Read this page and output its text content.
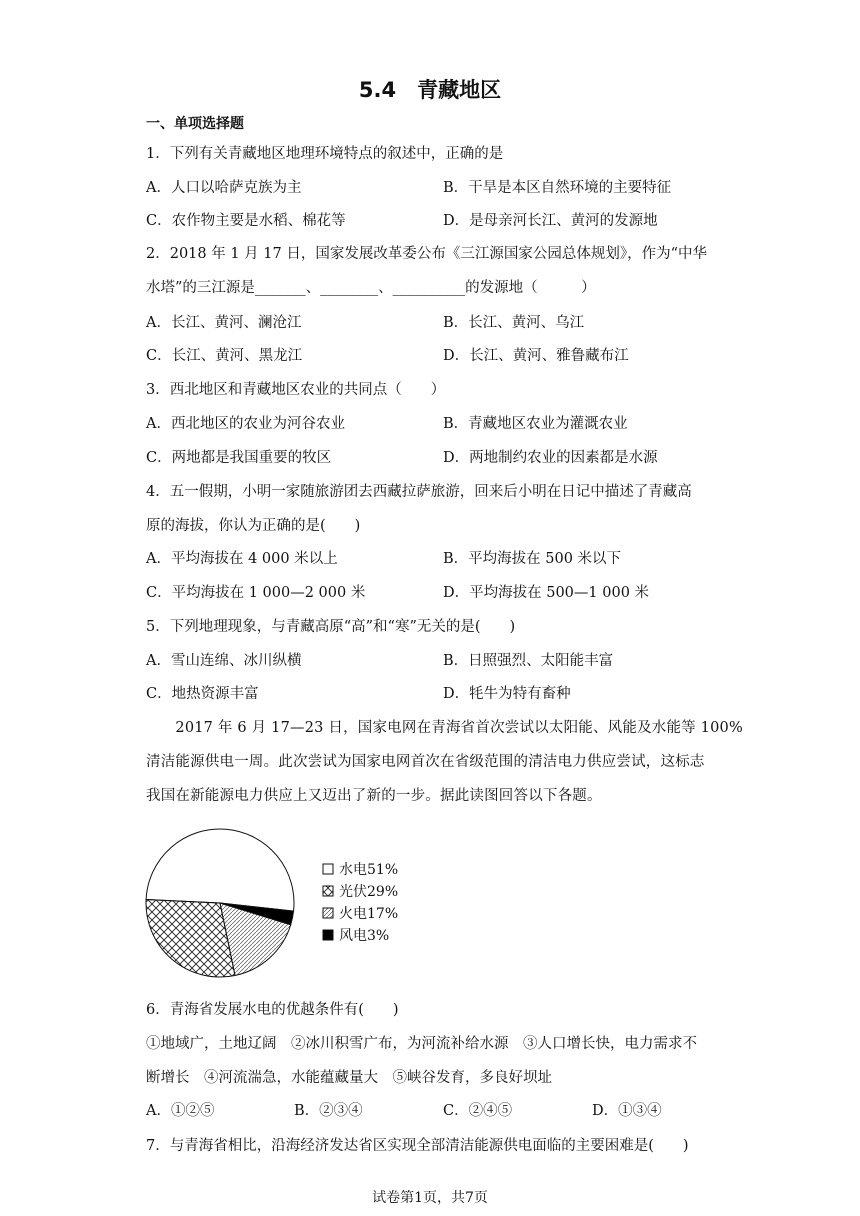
5.4　青藏地区
一、单项选择题
1．下列有关青藏地区地理环境特点的叙述中，正确的是
A．人口以哈萨克族为主	B．干旱是本区自然环境的主要特征
C．农作物主要是水稻、棉花等	D．是母亲河长江、黄河的发源地
2．2018 年 1 月 17 日，国家发展改革委公布《三江源国家公园总体规划》，作为“中华
水塔”的三江源是_______、________、__________的发源地（　　　）
A．长江、黄河、澜沧江	B．长江、黄河、乌江
C．长江、黄河、黑龙江	D．长江、黄河、雅鲁藏布江
3．西北地区和青藏地区农业的共同点（　　）
A．西北地区的农业为河谷农业	B．青藏地区农业为灌溉农业
C．两地都是我国重要的牧区	D．两地制约农业的因素都是水源
4．五一假期，小明一家随旅游团去西藏拉萨旅游，回来后小明在日记中描述了青藏高
原的海拔，你认为正确的是(　　)
A．平均海拔在 4 000 米以上	B．平均海拔在 500 米以下
C．平均海拔在 1 000—2 000 米	D．平均海拔在 500—1 000 米
5．下列地理现象，与青藏高原“高”和“寒”无关的是(　　)
A．雪山连绵、冰川纵横	B．日照强烈、太阳能丰富
C．地热资源丰富	D．牦牛为特有畜种
　　2017 年 6 月 17—23 日，国家电网在青海省首次尝试以太阳能、风能及水能等 100%
清洁能源供电一周。此次尝试为国家电网首次在省级范围的清洁电力供应尝试，这标志
我国在新能源电力供应上又迈出了新的一步。据此读图回答以下各题。
水电51%
光伏29%
火电17%
风电3%
6．青海省发展水电的优越条件有(　　)
①地域广，土地辽阔　②冰川积雪广布，为河流补给水源　③人口增长快，电力需求不
断增长　④河流湍急，水能蕴藏量大　⑤峡谷发育，多良好坝址
A．①②⑤	B．②③④	C．②④⑤	D．①③④
7．与青海省相比，沿海经济发达省区实现全部清洁能源供电面临的主要困难是(　　)
试卷第1页，共7页
